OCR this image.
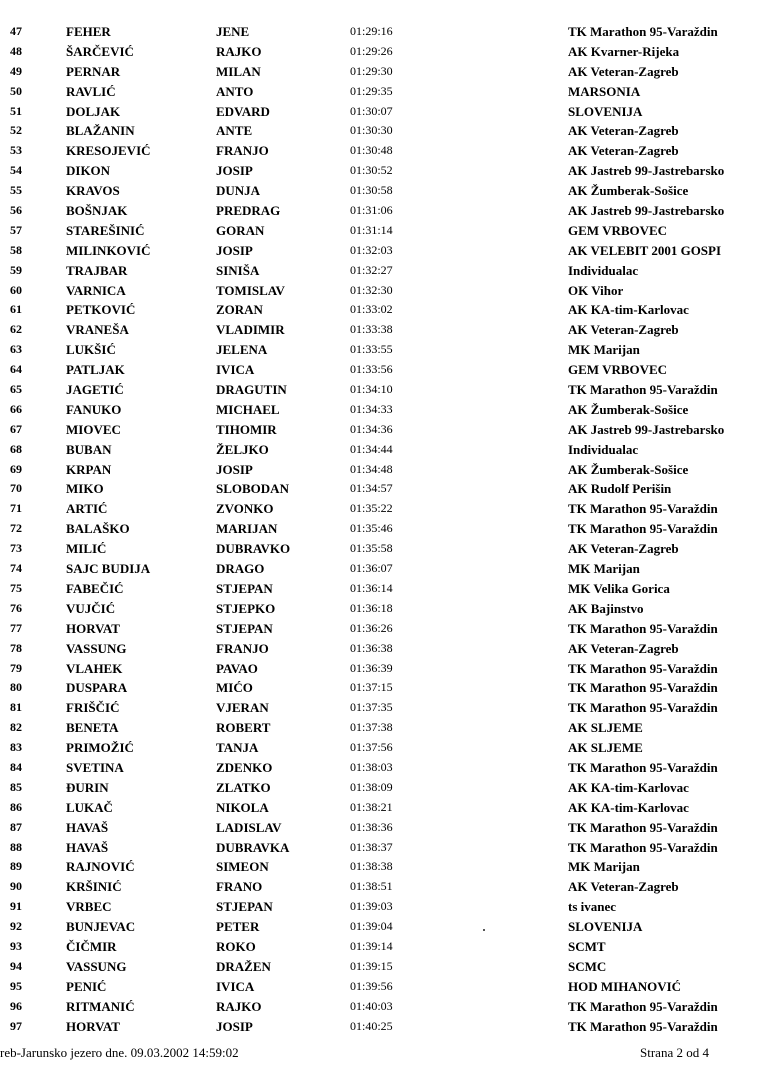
47	FEHER	JENE	01:29:16	TK Marathon 95-Varaždin
48	ŠARČEVIĆ	RAJKO	01:29:26	AK Kvarner-Rijeka
49	PERNAR	MILAN	01:29:30	AK Veteran-Zagreb
50	RAVLIĆ	ANTO	01:29:35	MARSONIA
51	DOLJAK	EDVARD	01:30:07	SLOVENIJA
52	BLAŽANIN	ANTE	01:30:30	AK Veteran-Zagreb
53	KRESOJEVIĆ	FRANJO	01:30:48	AK Veteran-Zagreb
54	DIKON	JOSIP	01:30:52	AK Jastreb 99-Jastrebarsko
55	KRAVOS	DUNJA	01:30:58	AK Žumberak-Sošice
56	BOŠNJAK	PREDRAG	01:31:06	AK Jastreb 99-Jastrebarsko
57	STAREŠINIĆ	GORAN	01:31:14	GEM VRBOVEC
58	MILINKOVIĆ	JOSIP	01:32:03	AK VELEBIT 2001 GOSPI
59	TRAJBAR	SINIŠA	01:32:27	Individualac
60	VARNICA	TOMISLAV	01:32:30	OK Vihor
61	PETKOVIĆ	ZORAN	01:33:02	AK KA-tim-Karlovac
62	VRANEŠA	VLADIMIR	01:33:38	AK Veteran-Zagreb
63	LUKŠIĆ	JELENA	01:33:55	MK Marijan
64	PATLJAK	IVICA	01:33:56	GEM VRBOVEC
65	JAGETIĆ	DRAGUTIN	01:34:10	TK Marathon 95-Varaždin
66	FANUKO	MICHAEL	01:34:33	AK Žumberak-Sošice
67	MIOVEC	TIHOMIR	01:34:36	AK Jastreb 99-Jastrebarsko
68	BUBAN	ŽELJKO	01:34:44	Individualac
69	KRPAN	JOSIP	01:34:48	AK Žumberak-Sošice
70	MIKO	SLOBODAN	01:34:57	AK Rudolf Perišin
71	ARTIĆ	ZVONKO	01:35:22	TK Marathon 95-Varaždin
72	BALAŠKO	MARIJAN	01:35:46	TK Marathon 95-Varaždin
73	MILIĆ	DUBRAVKO	01:35:58	AK Veteran-Zagreb
74	SAJC BUDIJA	DRAGO	01:36:07	MK Marijan
75	FABEČIĆ	STJEPAN	01:36:14	MK Velika Gorica
76	VUJČIĆ	STJEPKO	01:36:18	AK Bajinstvo
77	HORVAT	STJEPAN	01:36:26	TK Marathon 95-Varaždin
78	VASSUNG	FRANJO	01:36:38	AK Veteran-Zagreb
79	VLAHEK	PAVAO	01:36:39	TK Marathon 95-Varaždin
80	DUSPARA	MIĆO	01:37:15	TK Marathon 95-Varaždin
81	FRIŠČIĆ	VJERAN	01:37:35	TK Marathon 95-Varaždin
82	BENETA	ROBERT	01:37:38	AK SLJEME
83	PRIMOŽIĆ	TANJA	01:37:56	AK SLJEME
84	SVETINA	ZDENKO	01:38:03	TK Marathon 95-Varaždin
85	ĐURIN	ZLATKO	01:38:09	AK KA-tim-Karlovac
86	LUKAČ	NIKOLA	01:38:21	AK KA-tim-Karlovac
87	HAVAŠ	LADISLAV	01:38:36	TK Marathon 95-Varaždin
88	HAVAŠ	DUBRAVKA	01:38:37	TK Marathon 95-Varaždin
89	RAJNOVIĆ	SIMEON	01:38:38	MK Marijan
90	KRŠINIĆ	FRANO	01:38:51	AK Veteran-Zagreb
91	VRBEC	STJEPAN	01:39:03	ts ivanec
92	BUNJEVAC	PETER	01:39:04	SLOVENIJA
93	ČIČMIR	ROKO	01:39:14	SCMT
94	VASSUNG	DRAŽEN	01:39:15	SCMC
95	PENIĆ	IVICA	01:39:56	HOD MIHANOVIĆ
96	RITMANIĆ	RAJKO	01:40:03	TK Marathon 95-Varaždin
97	HORVAT	JOSIP	01:40:25	TK Marathon 95-Varaždin
reb-Jarunsko jezero dne. 09.03.2002 14:59:02	Strana 2 od 4
